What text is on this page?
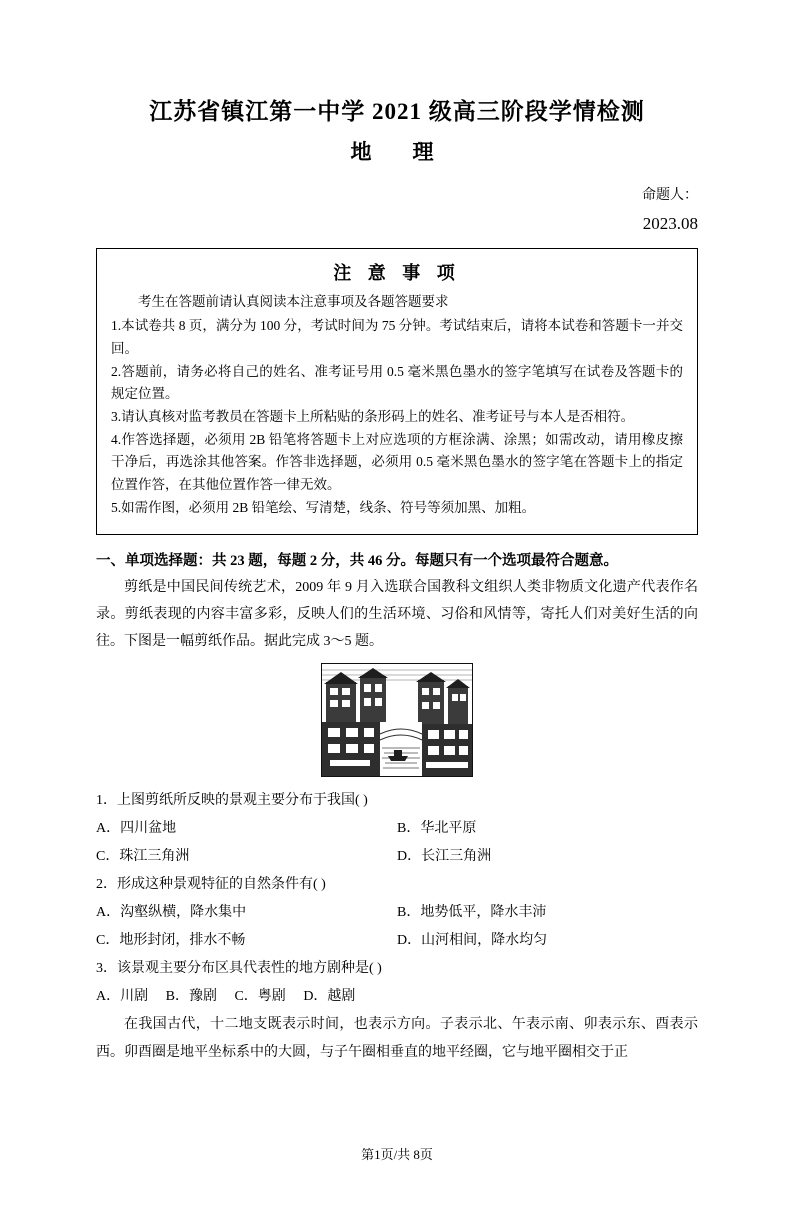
江苏省镇江第一中学 2021 级高三阶段学情检测
地　理
命题人：
2023.08
注 意 事 项

考生在答题前请认真阅读本注意事项及各题答题要求

1.本试卷共 8 页，满分为 100 分，考试时间为 75 分钟。考试结束后，请将本试卷和答题卡一并交回。

2.答题前，请务必将自己的姓名、准考证号用 0.5 毫米黑色墨水的签字笔填写在试卷及答题卡的规定位置。

3.请认真核对监考教员在答题卡上所粘贴的条形码上的姓名、准考证号与本人是否相符。

4.作答选择题，必须用 2B 铅笔将答题卡上对应选项的方框涂满、涂黑；如需改动，请用橡皮擦干净后，再选涂其他答案。作答非选择题，必须用 0.5 毫米黑色墨水的签字笔在答题卡上的指定位置作答，在其他位置作答一律无效。

5.如需作图，必须用 2B 铅笔绘、写清楚，线条、符号等须加黑、加粗。

一、单项选择题：共 23 题，每题 2 分，共 46 分。每题只有一个选项最符合题意。

剪纸是中国民间传统艺术，2009 年 9 月入选联合国教科文组织人类非物质文化遗产代表作名录。剪纸表现的内容丰富多彩，反映人们的生活环境、习俗和风情等，寄托人们对美好生活的向往。下图是一幅剪纸作品。据此完成 3～5 题。

1．上图剪纸所反映的景观主要分布于我国( )

A．四川盆地	B．华北平原
C．珠江三角洲	D．长江三角洲

2．形成这种景观特征的自然条件有( )

A．沟壑纵横，降水集中	B．地势低平，降水丰沛
C．地形封闭，排水不畅	D．山河相间，降水均匀

3．该景观主要分布区具代表性的地方剧种是( )

A．川剧 B．豫剧 C．粤剧 D．越剧

在我国古代，十二地支既表示时间，也表示方向。子表示北、午表示南、卯表示东、酉表示西。卯酉圈是地平坐标系中的大圆，与子午圈相垂直的地平经圈，它与地平圈相交于正

第1页/共 8页
